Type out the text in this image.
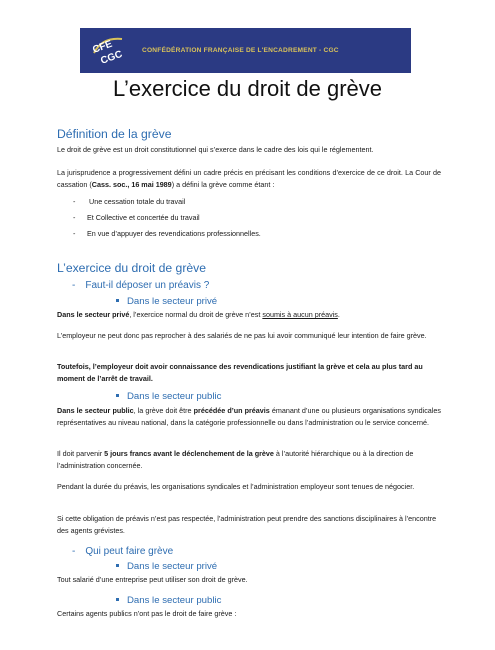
CFE
CGC	CONFÉDÉRATION FRANÇAISE DE L'ENCADREMENT - CGC
L’exercice du droit de grève
Définition de la grève
Le droit de grève est un droit constitutionnel qui s’exerce dans le cadre des lois qui le réglementent.
La jurisprudence a progressivement défini un cadre précis en précisant les conditions d’exercice de ce droit. La Cour de cassation (Cass. soc., 16 mai 1989) a défini la grève comme étant :
- Une cessation totale du travail
- Et Collective et concertée du travail
- En vue d’appuyer des revendications professionnelles.
L’exercice du droit de grève
- Faut-il déposer un préavis ?
Dans le secteur privé
Dans le secteur privé, l’exercice normal du droit de grève n’est soumis à aucun préavis.
L’employeur ne peut donc pas reprocher à des salariés de ne pas lui avoir communiqué leur intention de faire grève.
Toutefois, l’employeur doit avoir connaissance des revendications justifiant la grève et cela au plus tard au moment de l’arrêt de travail.
Dans le secteur public
Dans le secteur public, la grève doit être précédée d’un préavis émanant d’une ou plusieurs organisations syndicales représentatives au niveau national, dans la catégorie professionnelle ou dans l’administration ou le service concerné.
Il doit parvenir 5 jours francs avant le déclenchement de la grève à l’autorité hiérarchique ou à la direction de l’administration concernée.
Pendant la durée du préavis, les organisations syndicales et l’administration employeur sont tenues de négocier.
Si cette obligation de préavis n’est pas respectée, l’administration peut prendre des sanctions disciplinaires à l’encontre des agents grévistes.
- Qui peut faire grève
Dans le secteur privé
Tout salarié d’une entreprise peut utiliser son droit de grève.
Dans le secteur public
Certains agents publics n’ont pas le droit de faire grève :
